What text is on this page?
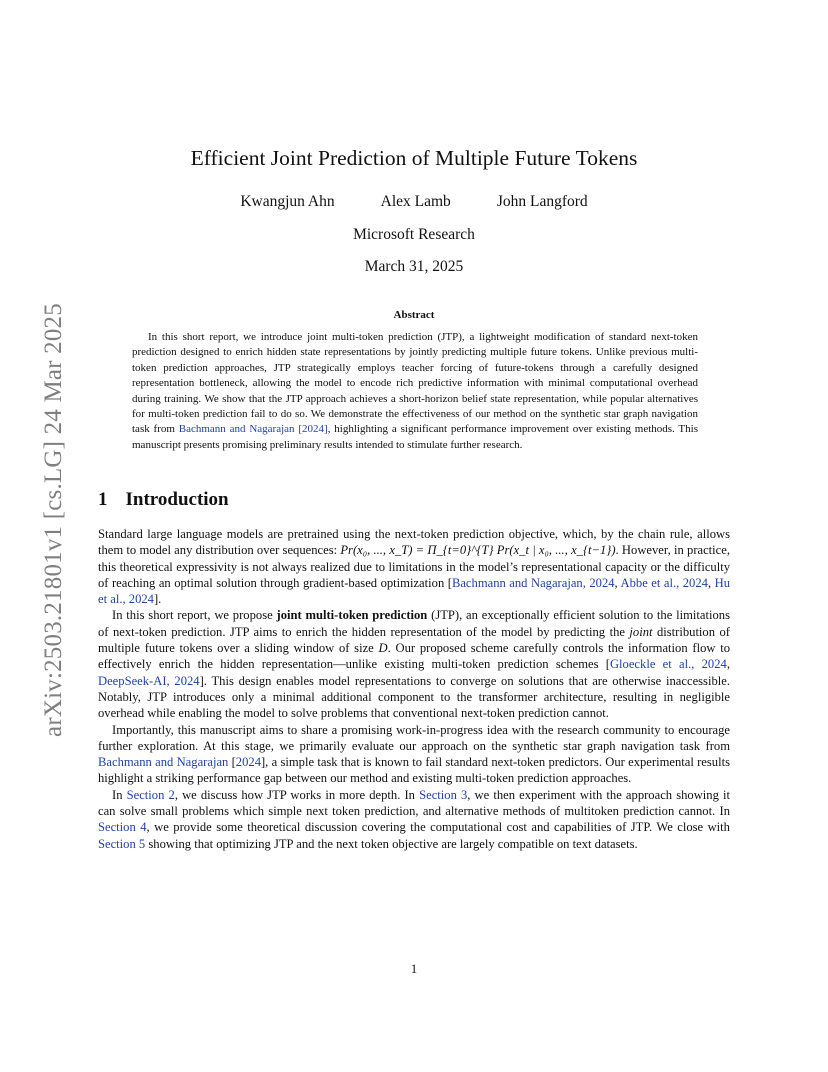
arXiv:2503.21801v1 [cs.LG] 24 Mar 2025
Efficient Joint Prediction of Multiple Future Tokens
Kwangjun Ahn	Alex Lamb	John Langford
Microsoft Research
March 31, 2025
Abstract

In this short report, we introduce joint multi-token prediction (JTP), a lightweight modification of standard next-token prediction designed to enrich hidden state representations by jointly predicting multiple future tokens. Unlike previous multi-token prediction approaches, JTP strategically employs teacher forcing of future-tokens through a carefully designed representation bottleneck, allowing the model to encode rich predictive information with minimal computational overhead during training. We show that the JTP approach achieves a short-horizon belief state representation, while popular alternatives for multi-token prediction fail to do so. We demonstrate the effectiveness of our method on the synthetic star graph navigation task from Bachmann and Nagarajan [2024], highlighting a significant performance improvement over existing methods. This manuscript presents promising preliminary results intended to stimulate further research.

1 Introduction

Standard large language models are pretrained using the next-token prediction objective, which, by the chain rule, allows them to model any distribution over sequences: Pr(x₀, ..., x_T) = Π_{t=0}^{T} Pr(x_t | x₀, ..., x_{t−1}). However, in practice, this theoretical expressivity is not always realized due to limitations in the model’s representational capacity or the difficulty of reaching an optimal solution through gradient-based optimization [Bachmann and Nagarajan, 2024, Abbe et al., 2024, Hu et al., 2024].

In this short report, we propose joint multi-token prediction (JTP), an exceptionally efficient solution to the limitations of next-token prediction. JTP aims to enrich the hidden representation of the model by predicting the joint distribution of multiple future tokens over a sliding window of size D. Our proposed scheme carefully controls the information flow to effectively enrich the hidden representation—unlike existing multi-token prediction schemes [Gloeckle et al., 2024, DeepSeek-AI, 2024]. This design enables model representations to converge on solutions that are otherwise inaccessible. Notably, JTP introduces only a minimal additional component to the transformer architecture, resulting in negligible overhead while enabling the model to solve problems that conventional next-token prediction cannot.

Importantly, this manuscript aims to share a promising work-in-progress idea with the research community to encourage further exploration. At this stage, we primarily evaluate our approach on the synthetic star graph navigation task from Bachmann and Nagarajan [2024], a simple task that is known to fail standard next-token predictors. Our experimental results highlight a striking performance gap between our method and existing multi-token prediction approaches.

In Section 2, we discuss how JTP works in more depth. In Section 3, we then experiment with the approach showing it can solve small problems which simple next token prediction, and alternative methods of multitoken prediction cannot. In Section 4, we provide some theoretical discussion covering the computational cost and capabilities of JTP. We close with Section 5 showing that optimizing JTP and the next token objective are largely compatible on text datasets.

1
